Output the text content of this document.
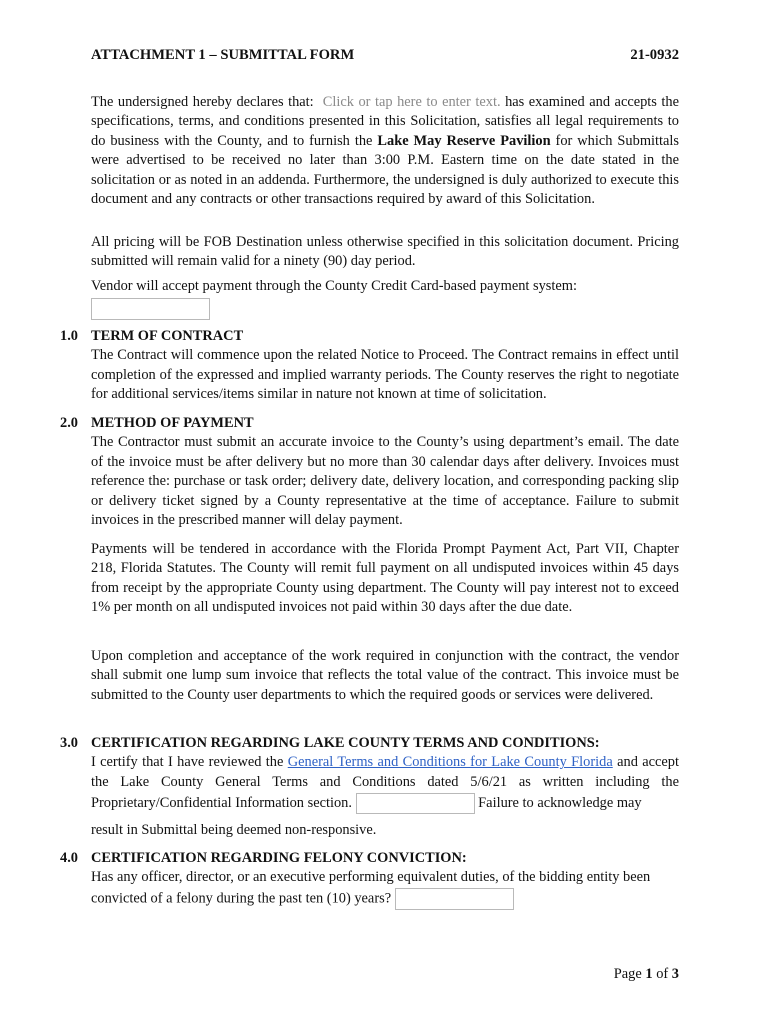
ATTACHMENT 1 – SUBMITTAL FORM	21-0932

The undersigned hereby declares that: Click or tap here to enter text. has examined and accepts the specifications, terms, and conditions presented in this Solicitation, satisfies all legal requirements to do business with the County, and to furnish the Lake May Reserve Pavilion for which Submittals were advertised to be received no later than 3:00 P.M. Eastern time on the date stated in the solicitation or as noted in an addenda. Furthermore, the undersigned is duly authorized to execute this document and any contracts or other transactions required by award of this Solicitation.

All pricing will be FOB Destination unless otherwise specified in this solicitation document. Pricing submitted will remain valid for a ninety (90) day period.

Vendor will accept payment through the County Credit Card-based payment system:

1.0 TERM OF CONTRACT

The Contract will commence upon the related Notice to Proceed. The Contract remains in effect until completion of the expressed and implied warranty periods. The County reserves the right to negotiate for additional services/items similar in nature not known at time of solicitation.

2.0 METHOD OF PAYMENT

The Contractor must submit an accurate invoice to the County’s using department’s email. The date of the invoice must be after delivery but no more than 30 calendar days after delivery. Invoices must reference the: purchase or task order; delivery date, delivery location, and corresponding packing slip or delivery ticket signed by a County representative at the time of acceptance. Failure to submit invoices in the prescribed manner will delay payment.

Payments will be tendered in accordance with the Florida Prompt Payment Act, Part VII, Chapter 218, Florida Statutes. The County will remit full payment on all undisputed invoices within 45 days from receipt by the appropriate County using department. The County will pay interest not to exceed 1% per month on all undisputed invoices not paid within 30 days after the due date.

Upon completion and acceptance of the work required in conjunction with the contract, the vendor shall submit one lump sum invoice that reflects the total value of the contract. This invoice must be submitted to the County user departments to which the required goods or services were delivered.

3.0 CERTIFICATION REGARDING LAKE COUNTY TERMS AND CONDITIONS:

I certify that I have reviewed the General Terms and Conditions for Lake County Florida and accept the Lake County General Terms and Conditions dated 5/6/21 as written including the Proprietary/Confidential Information section.	Failure to acknowledge may

result in Submittal being deemed non-responsive.

4.0 CERTIFICATION REGARDING FELONY CONVICTION:

Has any officer, director, or an executive performing equivalent duties, of the bidding entity been convicted of a felony during the past ten (10) years?

Page 1 of 3
